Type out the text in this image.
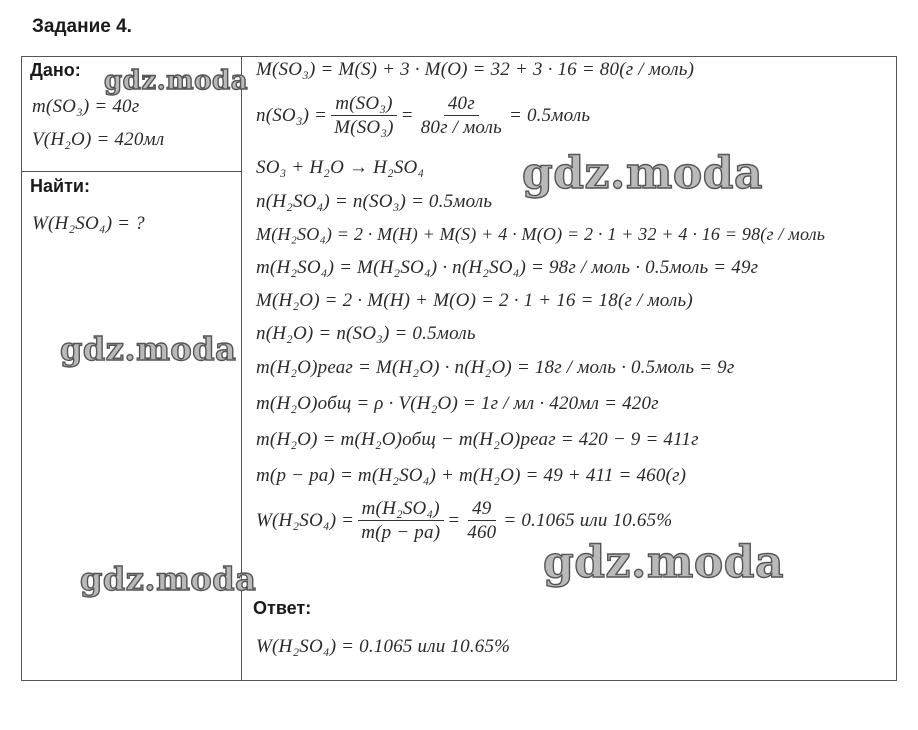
Задание 4.
Дано:
m(SO₃) = 40г
V(H₂O) = 420мл
Найти:
W(H₂SO₄) = ?
M(SO₃) = M(S) + 3 · M(O) = 32 + 3 · 16 = 80(г / моль)
$n(SO_3) = \frac{\text{m(SO₃)}}{\text{M(SO₃)}} = \frac{40г}{\text{80г / моль}}$ = 0.5моль
SO₃ + H₂O → H₂SO₄
n(H₂SO₄) = n(SO₃) = 0.5моль
M(H₂SO₄) = 2 · M(H) + M(S) + 4 · M(O) = 2 · 1 + 32 + 4 · 16 = 98(г / моль
m(H₂SO₄) = M(H₂SO₄) · n(H₂SO₄) = 98г / моль · 0.5моль = 49г
M(H₂O) = 2 · M(H) + M(O) = 2 · 1 + 16 = 18(г / моль)
n(H₂O) = n(SO₃) = 0.5моль
m(H₂O)реаг = M(H₂O) · n(H₂O) = 18г / моль · 0.5моль = 9г
m(H₂O)общ = ρ · V(H₂O) = 1г / мл · 420мл = 420г
m(H₂O) = m(H₂O)общ − m(H₂O)реаг = 420 − 9 = 411г
m(p − pa) = m(H₂SO₄) + m(H₂O) = 49 + 411 = 460(г)
$W(H_2SO_4) = \frac{\text{m(H₂SO₄)}}{m(p - pa)} = \frac{49}{460} = 0.1065$ или 10.65%
Ответ:
W(H₂SO₄) = 0.1065 или 10.65%
gdz.moda
gdz.moda
gdz.moda
gdz.moda	gdz.moda
